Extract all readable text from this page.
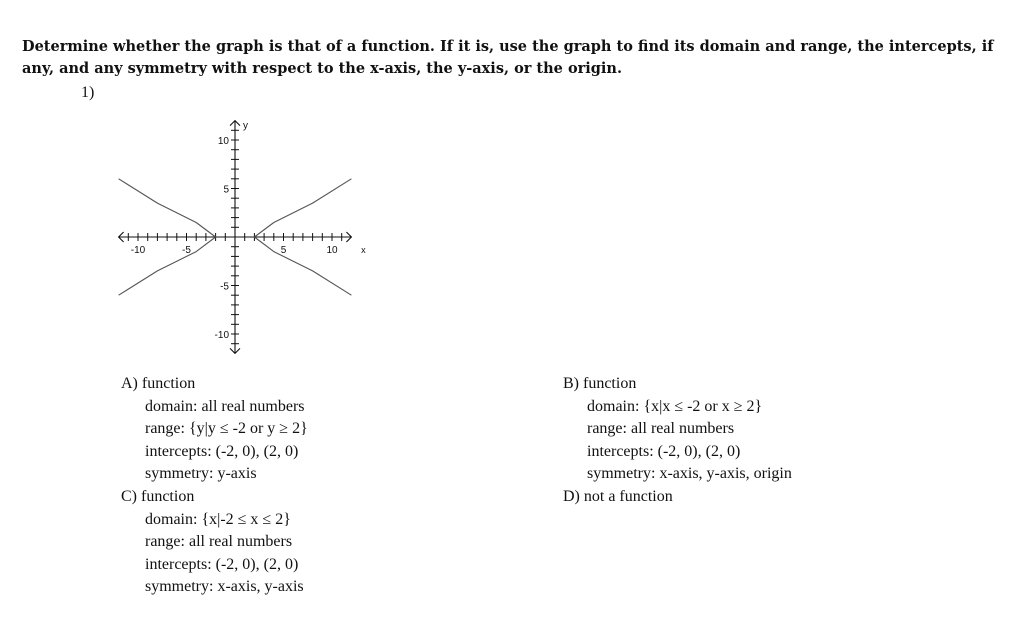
Determine whether the graph is that of a function. If it is, use the graph to find its domain and range, the intercepts, if any, and any symmetry with respect to the x-axis, the y-axis, or the origin.
1)
-10	-5	5	10
10
5
-5
-10
x
y
A) function
domain: all real numbers
range: {y|y ≤ -2 or y ≥ 2}
intercepts: (-2, 0), (2, 0)
symmetry: y-axis
C) function
domain: {x|-2 ≤ x ≤ 2}
range: all real numbers
intercepts: (-2, 0), (2, 0)
symmetry: x-axis, y-axis
B) function
domain: {x|x ≤ -2 or x ≥ 2}
range: all real numbers
intercepts: (-2, 0), (2, 0)
symmetry: x-axis, y-axis, origin
D) not a function
